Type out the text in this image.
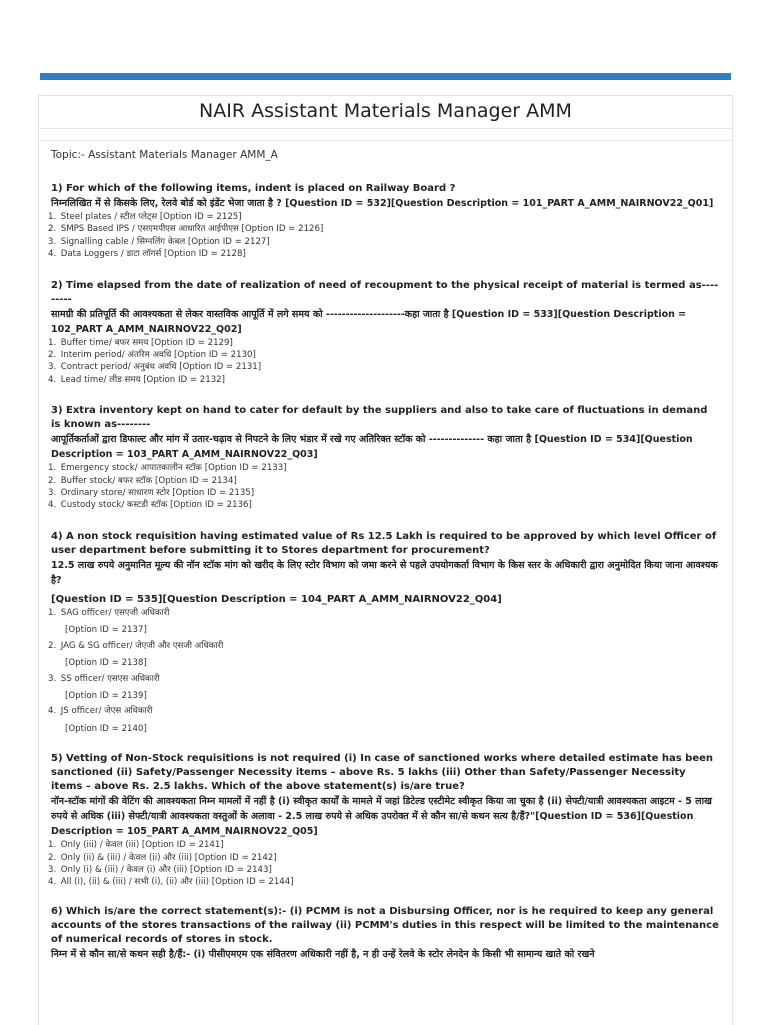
NAIR Assistant Materials Manager AMM
Topic:- Assistant Materials Manager AMM_A

1) For which of the following items, indent is placed on Railway Board ?

निम्नलिखित में से किसके लिए, रेलवे बोर्ड को इंडेंट भेजा जाता है ? [Question ID = 532][Question Description = 101_PART A_AMM_NAIRNOV22_Q01]

1. Steel plates / स्टील प्लेट्स [Option ID = 2125]
2. SMPS Based IPS / एसएमपीएस आधारित आईपीएस [Option ID = 2126]
3. Signalling cable / सिग्नलिंग केबल [Option ID = 2127]
4. Data Loggers / डाटा लॉगर्स [Option ID = 2128]

2) Time elapsed from the date of realization of need of recoupment to the physical receipt of material is termed as---------

सामग्री की प्रतिपूर्ति की आवश्यकता से लेकर वास्तविक आपूर्ति में लगे समय को --------------------कहा जाता है [Question ID = 533][Question Description = 102_PART A_AMM_NAIRNOV22_Q02]

1. Buffer time/ बफर समय [Option ID = 2129]
2. Interim period/ अंतरिम अवधि [Option ID = 2130]
3. Contract period/ अनुबंध अवधि [Option ID = 2131]
4. Lead time/ लीड समय [Option ID = 2132]

3) Extra inventory kept on hand to cater for default by the suppliers and also to take care of fluctuations in demand is known as--------

आपूर्तिकर्ताओं द्वारा डिफाल्ट और मांग में उतार-चढ़ाव से निपटने के लिए भंडार में रखे गए अतिरिक्त स्टॉक को -------------- कहा जाता है [Question ID = 534][Question Description = 103_PART A_AMM_NAIRNOV22_Q03]

1. Emergency stock/ आपातकालीन स्टॉक [Option ID = 2133]
2. Buffer stock/ बफर स्टॉक [Option ID = 2134]
3. Ordinary store/ साधारण स्टोर [Option ID = 2135]
4. Custody stock/ कस्टडी स्टॉक [Option ID = 2136]

4) A non stock requisition having estimated value of Rs 12.5 Lakh is required to be approved by which level Officer of user department before submitting it to Stores department for procurement?

12.5 लाख रुपये अनुमानित मूल्य की नॉन स्टॉक मांग को खरीद के लिए स्टोर विभाग को जमा करने से पहले उपयोगकर्ता विभाग के किस स्तर के अधिकारी द्वारा अनुमोदित किया जाना आवश्यक है?

[Question ID = 535][Question Description = 104_PART A_AMM_NAIRNOV22_Q04]

1. SAG officer/ एसएजी अधिकारी
[Option ID = 2137]
2. JAG & SG officer/ जेएजी और एसजी अधिकारी
[Option ID = 2138]
3. SS officer/ एसएस अधिकारी
[Option ID = 2139]
4. JS officer/ जेएस अधिकारी
[Option ID = 2140]

5) Vetting of Non-Stock requisitions is not required (i) In case of sanctioned works where detailed estimate has been sanctioned (ii) Safety/Passenger Necessity items – above Rs. 5 lakhs (iii) Other than Safety/Passenger Necessity items – above Rs. 2.5 lakhs. Which of the above statement(s) is/are true?

नॉन-स्टॉक मांगों की वेटिंग की आवश्यकता निम्न मामलों में नहीं है (i) स्वीकृत कार्यों के मामले में जहां डिटेल्ड एस्टीमेट स्वीकृत किया जा चुका है (ii) सेफ्टी/यात्री आवश्यकता आइटम - 5 लाख रुपये से अधिक (iii) सेफ्टी/यात्री आवश्यकता वस्तुओं के अलावा - 2.5 लाख रुपये से अधिक उपरोक्त में से कौन सा/से कथन सत्य है/हैं?"[Question ID = 536][Question Description = 105_PART A_AMM_NAIRNOV22_Q05]

1. Only (iii) / केवल (iii) [Option ID = 2141]
2. Only (ii) & (iii) / केवल (ii) और (iii) [Option ID = 2142]
3. Only (i) & (iii) / केवल (i) और (iii) [Option ID = 2143]
4. All (i), (ii) & (iii) / सभी (i), (ii) और (iii) [Option ID = 2144]

6) Which is/are the correct statement(s):- (i) PCMM is not a Disbursing Officer, nor is he required to keep any general accounts of the stores transactions of the railway (ii) PCMM's duties in this respect will be limited to the maintenance of numerical records of stores in stock.

निम्न में से कौन सा/से कथन सही है/हैं:- (i) पीसीएमएम एक संवितरण अधिकारी नहीं है, न ही उन्हें रेलवे के स्टोर लेनदेन के किसी भी सामान्य खाते को रखने
